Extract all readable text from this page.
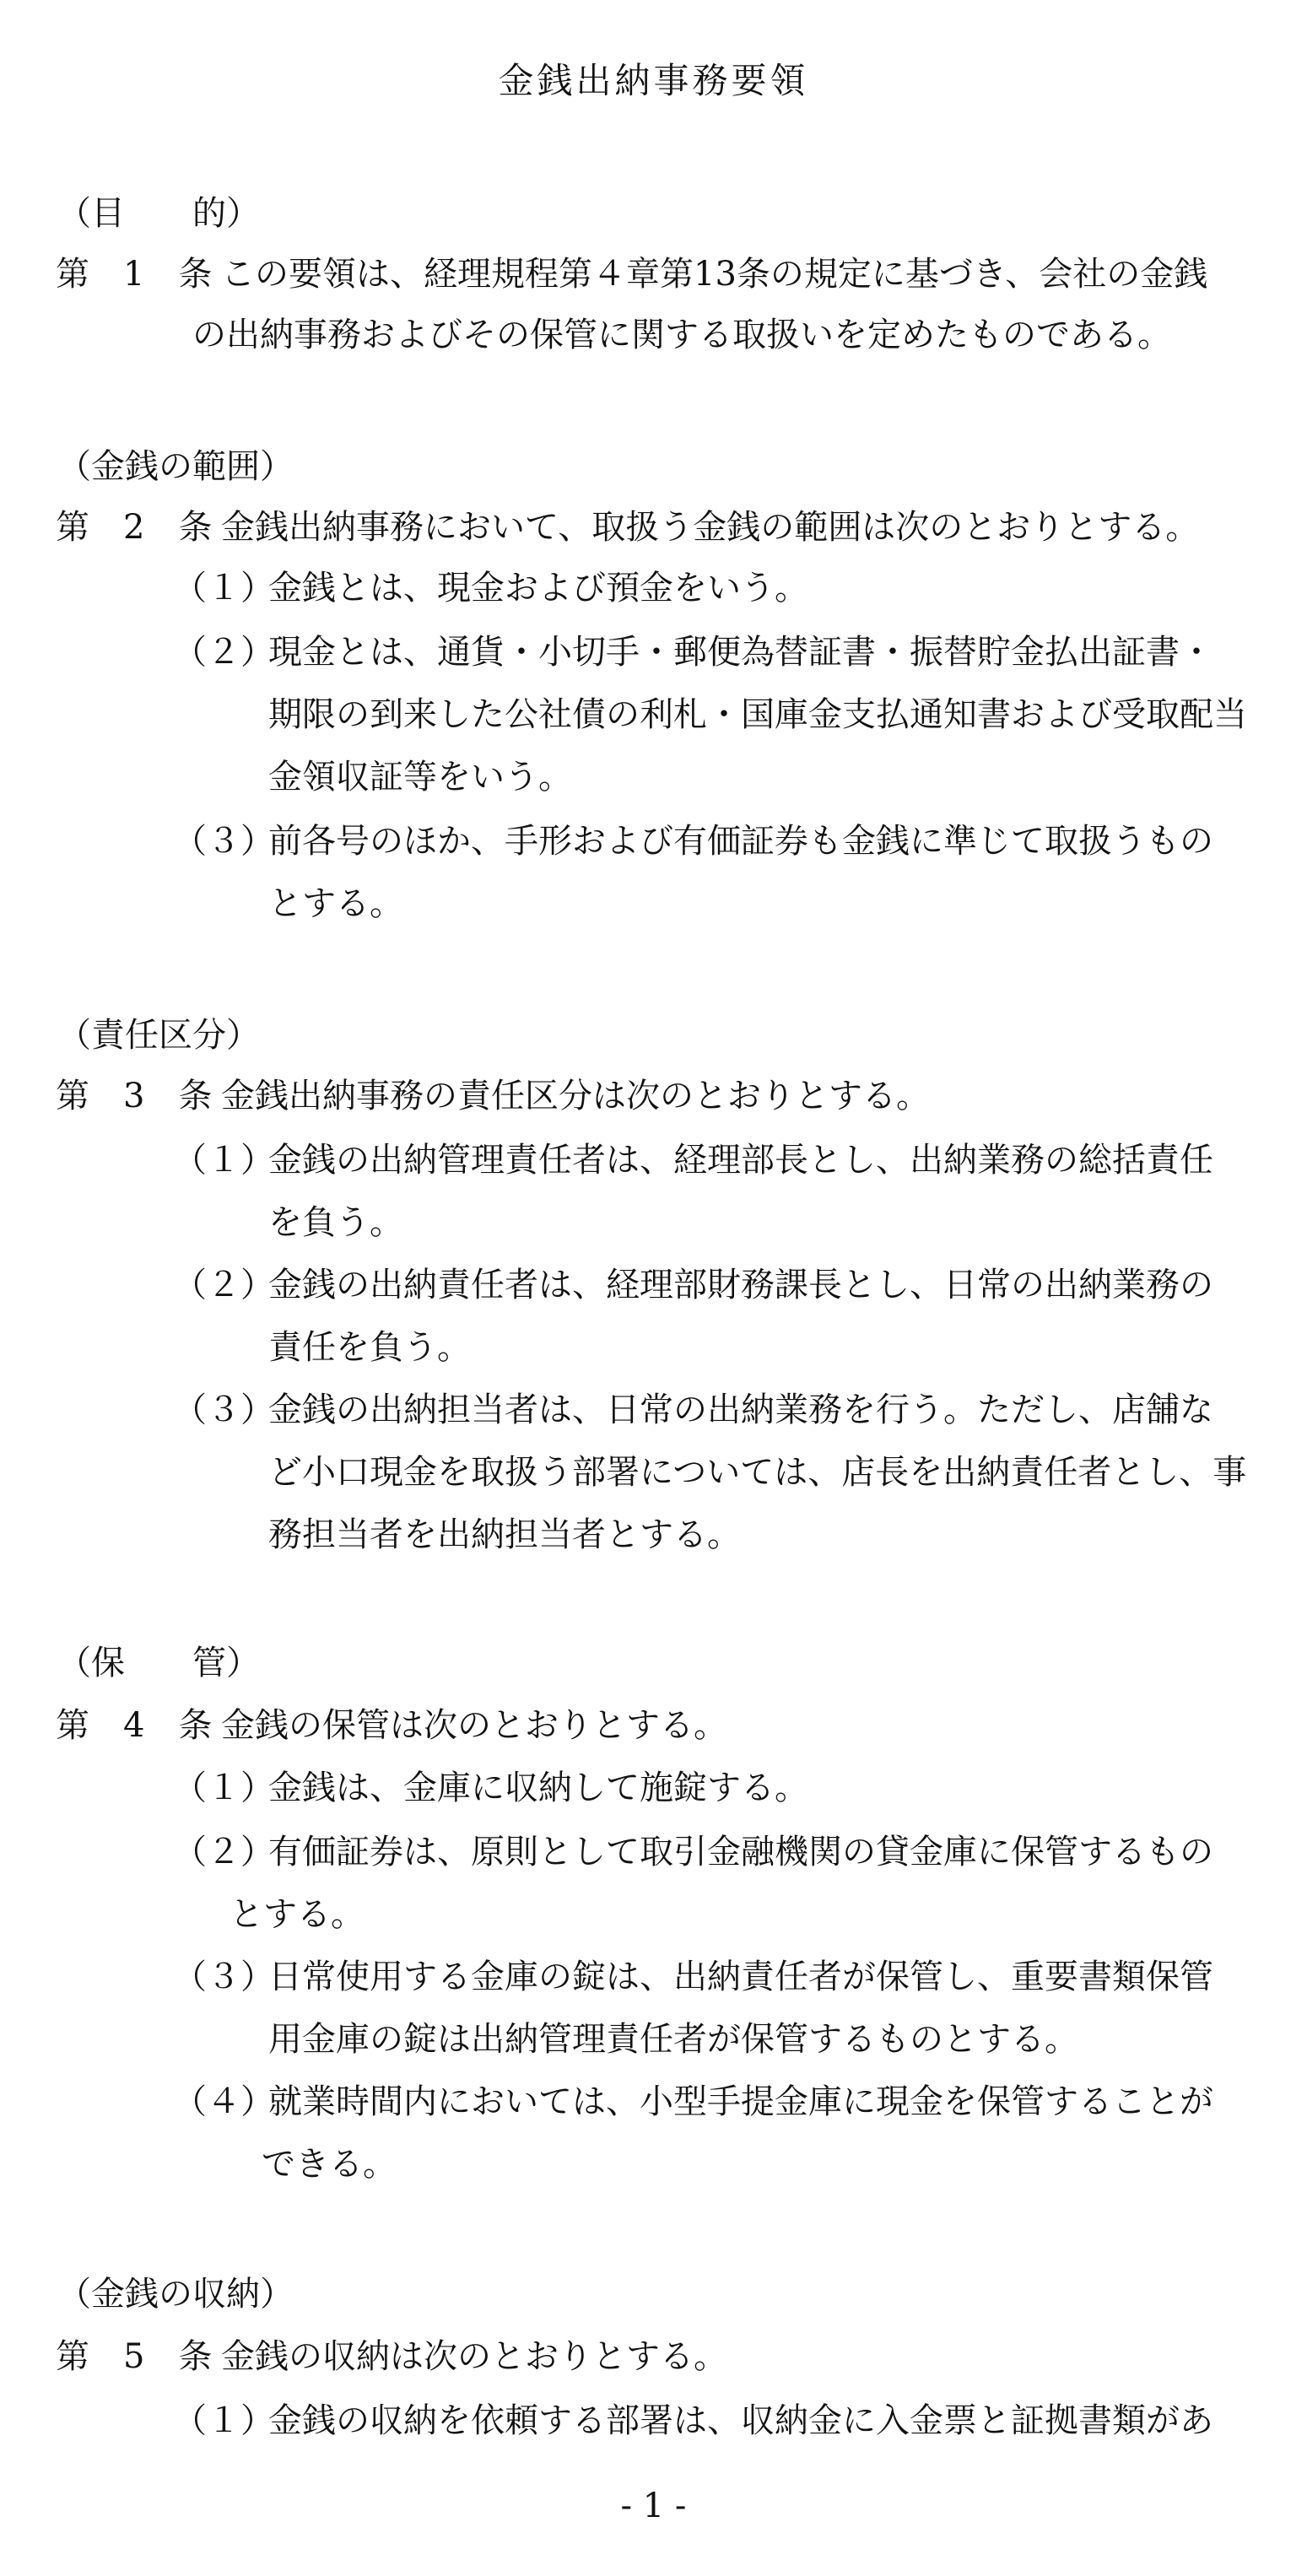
金銭出納事務要領
（目　　的）
第　1　条 この要領は、経理規程第４章第13条の規定に基づき、会社の金銭
の出納事務およびその保管に関する取扱いを定めたものである。
（金銭の範囲）
第　2　条 金銭出納事務において、取扱う金銭の範囲は次のとおりとする。
（１）
金銭とは、現金および預金をいう。
（２）
現金とは、通貨・小切手・郵便為替証書・振替貯金払出証書・
期限の到来した公社債の利札・国庫金支払通知書および受取配当
金領収証等をいう。
（３）
前各号のほか、手形および有価証券も金銭に準じて取扱うもの
とする。
（責任区分）
第　3　条 金銭出納事務の責任区分は次のとおりとする。
（１）
金銭の出納管理責任者は、経理部長とし、出納業務の総括責任
を負う。
（２）
金銭の出納責任者は、経理部財務課長とし、日常の出納業務の
責任を負う。
（３）
金銭の出納担当者は、日常の出納業務を行う。ただし、店舗な
ど小口現金を取扱う部署については、店長を出納責任者とし、事
務担当者を出納担当者とする。
（保　　管）
第　4　条 金銭の保管は次のとおりとする。
（１）
金銭は、金庫に収納して施錠する。
（２）
有価証券は、原則として取引金融機関の貸金庫に保管するもの
とする。
（３）
日常使用する金庫の錠は、出納責任者が保管し、重要書類保管
用金庫の錠は出納管理責任者が保管するものとする。
（４）
就業時間内においては、小型手提金庫に現金を保管することが
できる。
（金銭の収納）
第　5　条 金銭の収納は次のとおりとする。
（１）
金銭の収納を依頼する部署は、収納金に入金票と証拠書類があ
- 1 -
